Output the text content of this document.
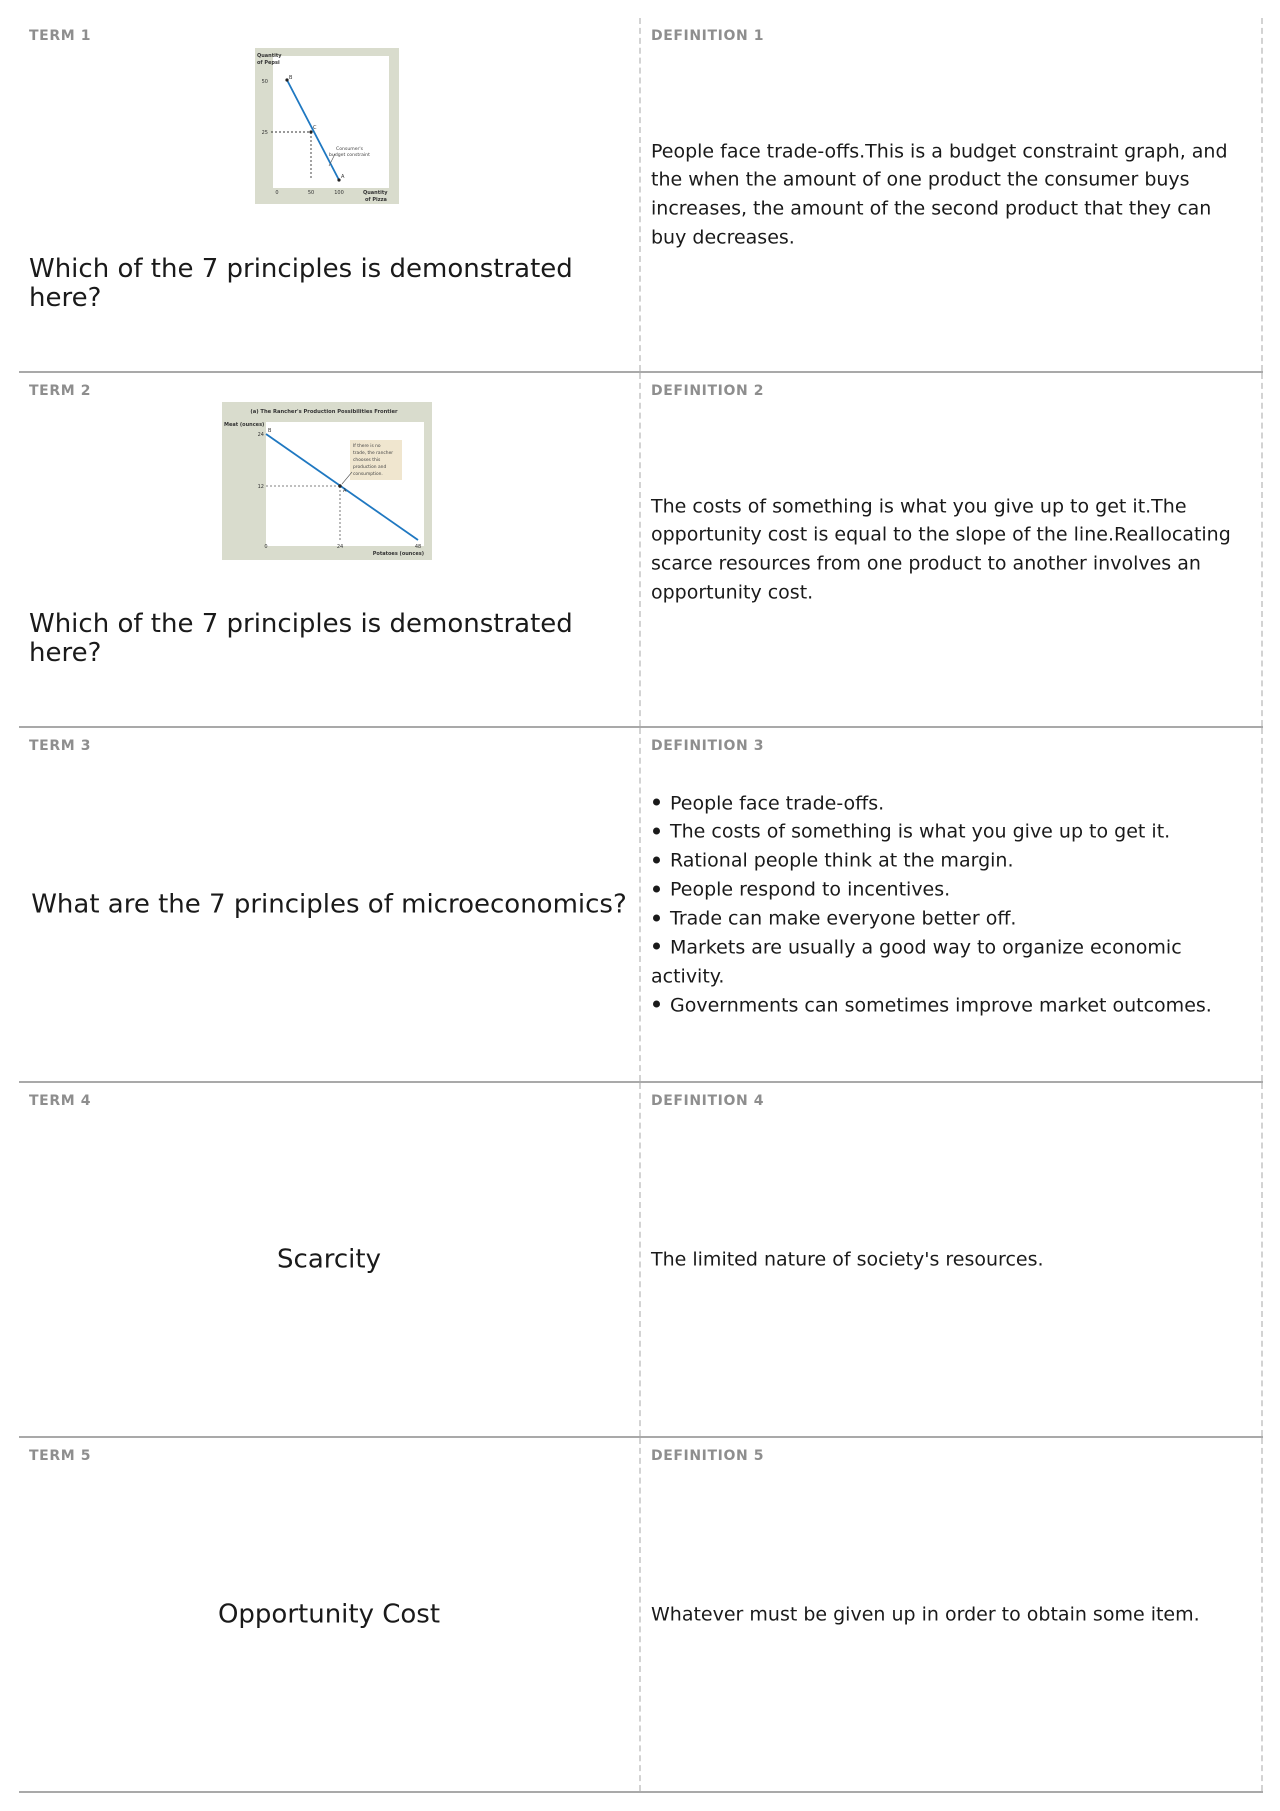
TERM 1
Quantity
of Pepsi
50
25
B
C
A
Consumer's
budget constraint
0	50	100	Quantity
of Pizza
Which of the 7 principles is demonstrated here?
DEFINITION 1
People face trade-offs.This is a budget constraint graph, and the when the amount of one product the consumer buys increases, the amount of the second product that they can buy decreases.
TERM 2
(a) The Rancher's Production Possibilities Frontier
Meat (ounces)
24
12
A
B
If there is no
trade, the rancher
chooses this
production and
consumption.
0	24	48
Potatoes (ounces)
Which of the 7 principles is demonstrated here?
DEFINITION 2
The costs of something is what you give up to get it.The opportunity cost is equal to the slope of the line.Reallocating scarce resources from one product to another involves an opportunity cost.
TERM 3
What are the 7 principles of microeconomics?
DEFINITION 3
People face trade-offs.
The costs of something is what you give up to get it.
Rational people think at the margin.
People respond to incentives.
Trade can make everyone better off.
Markets are usually a good way to organize economic activity.
Governments can sometimes improve market outcomes.
TERM 4
Scarcity
DEFINITION 4
The limited nature of society's resources.
TERM 5
Opportunity Cost
DEFINITION 5
Whatever must be given up in order to obtain some item.
